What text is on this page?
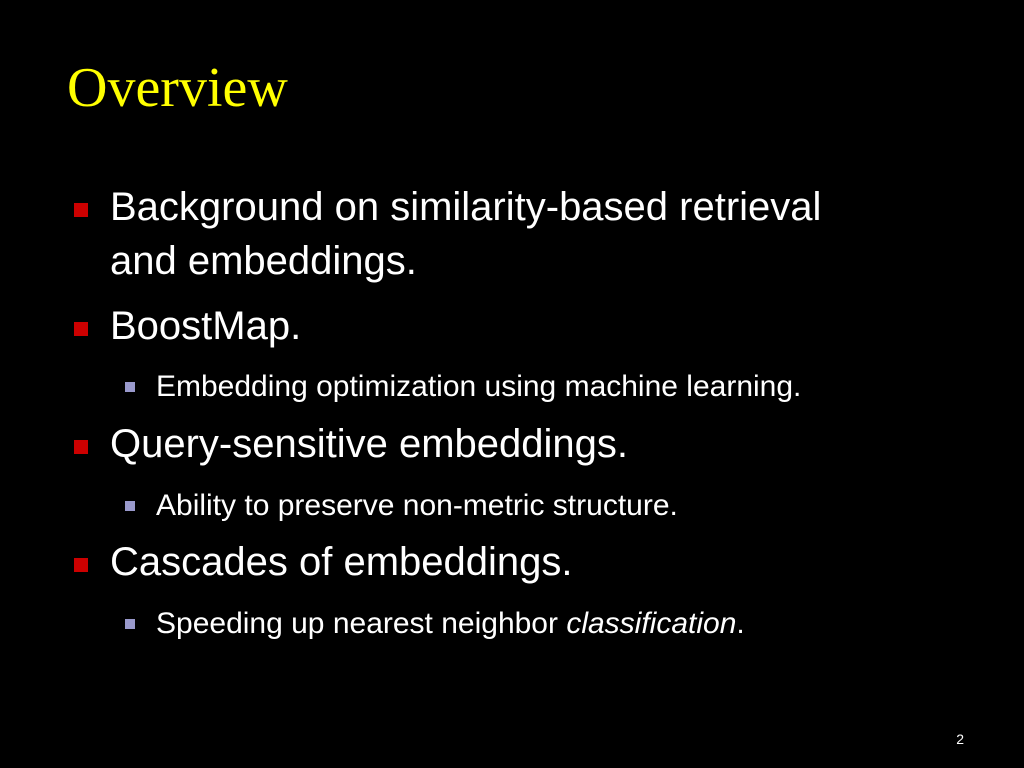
Overview
Background on similarity-based retrieval
and embeddings.
BoostMap.
Embedding optimization using machine learning.
Query-sensitive embeddings.
Ability to preserve non-metric structure.
Cascades of embeddings.
Speeding up nearest neighbor classification.
2
